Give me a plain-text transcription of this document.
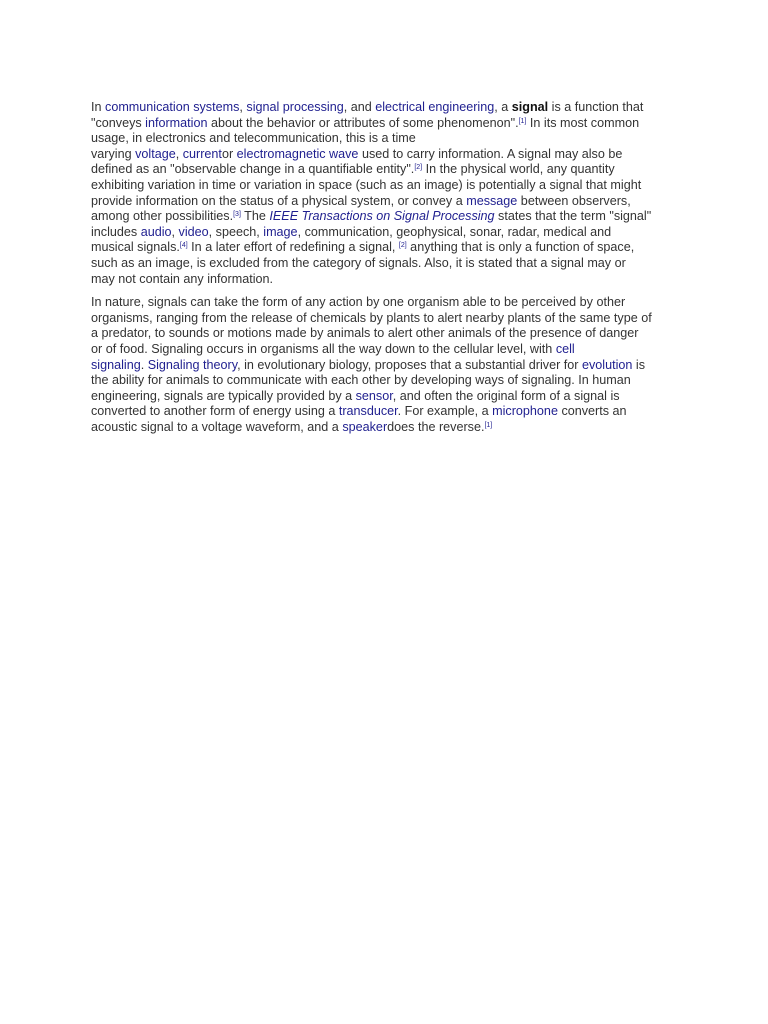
In communication systems, signal processing, and electrical engineering, a signal is a function that
"conveys information about the behavior or attributes of some phenomenon".[1] In its most common
usage, in electronics and telecommunication, this is a time
varying voltage, currentor electromagnetic wave used to carry information. A signal may also be
defined as an "observable change in a quantifiable entity".[2] In the physical world, any quantity
exhibiting variation in time or variation in space (such as an image) is potentially a signal that might
provide information on the status of a physical system, or convey a message between observers,
among other possibilities.[3] The IEEE Transactions on Signal Processing states that the term "signal"
includes audio, video, speech, image, communication, geophysical, sonar, radar, medical and
musical signals.[4] In a later effort of redefining a signal, [2] anything that is only a function of space,
such as an image, is excluded from the category of signals. Also, it is stated that a signal may or
may not contain any information.

In nature, signals can take the form of any action by one organism able to be perceived by other
organisms, ranging from the release of chemicals by plants to alert nearby plants of the same type of
a predator, to sounds or motions made by animals to alert other animals of the presence of danger
or of food. Signaling occurs in organisms all the way down to the cellular level, with cell
signaling. Signaling theory, in evolutionary biology, proposes that a substantial driver for evolution is
the ability for animals to communicate with each other by developing ways of signaling. In human
engineering, signals are typically provided by a sensor, and often the original form of a signal is
converted to another form of energy using a transducer. For example, a microphone converts an
acoustic signal to a voltage waveform, and a speakerdoes the reverse.[1]
